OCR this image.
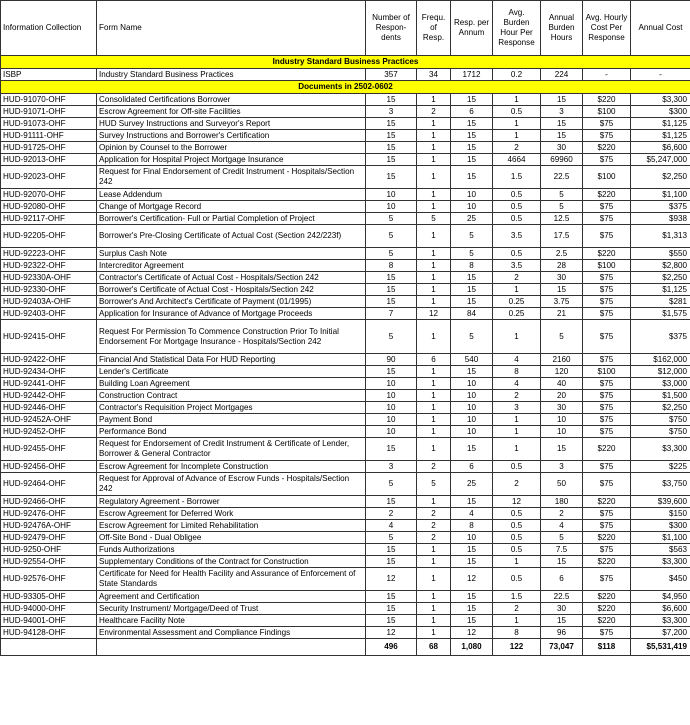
Information Collection	Form Name	Number of Respon-dents	Frequ. of Resp.	Resp. per Annum	Avg. Burden Hour Per Response	Annual Burden Hours	Avg. Hourly Cost Per Response	Annual Cost
Industry Standard Business Practices								
ISBP	Industry Standard Business Practices	357	34	1712	0.2	224	-	-
Documents in 2502-0602								
HUD-91070-OHF	Consolidated Certifications Borrower	15	1	15	1	15	$220	$3,300
HUD-91071-OHF	Escrow Agreement for Off-site Facilities	3	2	6	0.5	3	$100	$300
HUD-91073-OHF	HUD Survey Instructions and Surveyor's Report	15	1	15	1	15	$75	$1,125
HUD-91111-OHF	Survey Instructions and Borrower's Certification	15	1	15	1	15	$75	$1,125
HUD-91725-OHF	Opinion by Counsel to the Borrower	15	1	15	2	30	$220	$6,600
HUD-92013-OHF	Application for Hospital Project Mortgage Insurance	15	1	15	4664	69960	$75	$5,247,000
HUD-92023-OHF	Request for Final Endorsement of Credit Instrument - Hospitals/Section 242	15	1	15	1.5	22.5	$100	$2,250
HUD-92070-OHF	Lease Addendum	10	1	10	0.5	5	$220	$1,100
HUD-92080-OHF	Change of Mortgage Record	10	1	10	0.5	5	$75	$375
HUD-92117-OHF	Borrower's Certification- Full or Partial Completion of Project	5	5	25	0.5	12.5	$75	$938
HUD-92205-OHF	Borrower's Pre-Closing Certificate of Actual Cost (Section 242/223f)	5	1	5	3.5	17.5	$75	$1,313
HUD-92223-OHF	Surplus Cash Note	5	1	5	0.5	2.5	$220	$550
HUD-92322-OHF	Intercreditor Agreement	8	1	8	3.5	28	$100	$2,800
HUD-92330A-OHF	Contractor's Certificate of Actual Cost - Hospitals/Section 242	15	1	15	2	30	$75	$2,250
HUD-92330-OHF	Borrower's Certificate of Actual Cost - Hospitals/Section 242	15	1	15	1	15	$75	$1,125
HUD-92403A-OHF	Borrower's And Architect's Certificate of Payment (01/1995)	15	1	15	0.25	3.75	$75	$281
HUD-92403-OHF	Application for Insurance of Advance of Mortgage Proceeds	7	12	84	0.25	21	$75	$1,575
HUD-92415-OHF	Request For Permission To Commence Construction Prior To Initial Endorsement For Mortgage Insurance - Hospitals/Section 242	5	1	5	1	5	$75	$375
HUD-92422-OHF	Financial And Statistical Data For HUD Reporting	90	6	540	4	2160	$75	$162,000
HUD-92434-OHF	Lender's Certificate	15	1	15	8	120	$100	$12,000
HUD-92441-OHF	Building Loan Agreement	10	1	10	4	40	$75	$3,000
HUD-92442-OHF	Construction Contract	10	1	10	2	20	$75	$1,500
HUD-92446-OHF	Contractor's Requisition Project Mortgages	10	1	10	3	30	$75	$2,250
HUD-92452A-OHF	Payment Bond	10	1	10	1	10	$75	$750
HUD-92452-OHF	Performance Bond	10	1	10	1	10	$75	$750
HUD-92455-OHF	Request for Endorsement of Credit Instrument & Certificate of Lender, Borrower & General Contractor	15	1	15	1	15	$220	$3,300
HUD-92456-OHF	Escrow Agreement for Incomplete Construction	3	2	6	0.5	3	$75	$225
HUD-92464-OHF	Request for Approval of Advance of Escrow Funds - Hospitals/Section 242	5	5	25	2	50	$75	$3,750
HUD-92466-OHF	Regulatory Agreement - Borrower	15	1	15	12	180	$220	$39,600
HUD-92476-OHF	Escrow Agreement for Deferred Work	2	2	4	0.5	2	$75	$150
HUD-92476A-OHF	Escrow Agreement for Limited Rehabilitation	4	2	8	0.5	4	$75	$300
HUD-92479-OHF	Off-Site Bond - Dual Obligee	5	2	10	0.5	5	$220	$1,100
HUD-9250-OHF	Funds Authorizations	15	1	15	0.5	7.5	$75	$563
HUD-92554-OHF	Supplementary Conditions of the Contract for Construction	15	1	15	1	15	$220	$3,300
HUD-92576-OHF	Certificate for Need for Health Facility and Assurance of Enforcement of State Standards	12	1	12	0.5	6	$75	$450
HUD-93305-OHF	Agreement and Certification	15	1	15	1.5	22.5	$220	$4,950
HUD-94000-OHF	Security Instrument/ Mortgage/Deed of Trust	15	1	15	2	30	$220	$6,600
HUD-94001-OHF	Healthcare Facility Note	15	1	15	1	15	$220	$3,300
HUD-94128-OHF	Environmental Assessment and Compliance Findings	12	1	12	8	96	$75	$7,200
		496	68	1,080	122	73,047	$118	$5,531,419
